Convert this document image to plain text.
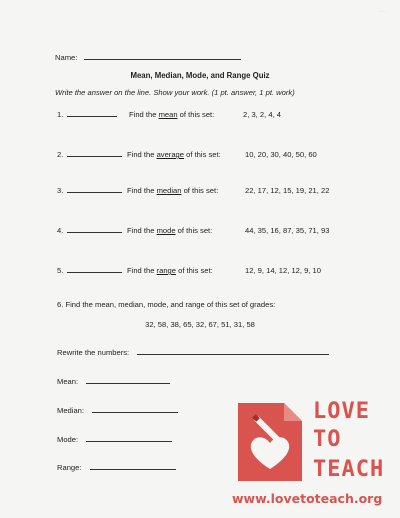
·····
Name:
Mean, Median, Mode, and Range Quiz
Write the answer on the line. Show your work. (1 pt. answer, 1 pt. work)
1.	Find the mean of this set:	2, 3, 2, 4, 4
2.	Find the average of this set:	10, 20, 30, 40, 50, 60
3.	Find the median of this set:	22, 17, 12, 15, 19, 21, 22
4.	Find the mode of this set:	44, 35, 16, 87, 35, 71, 93
5.	Find the range of this set:	12, 9, 14, 12, 12, 9, 10
6. Find the mean, median, mode, and range of this set of grades:
32, 58, 38, 65, 32, 67, 51, 31, 58
Rewrite the numbers:
Mean:
Median:
Mode:
Range:
LOVE
TO
TEACH
www.lovetoteach.org
